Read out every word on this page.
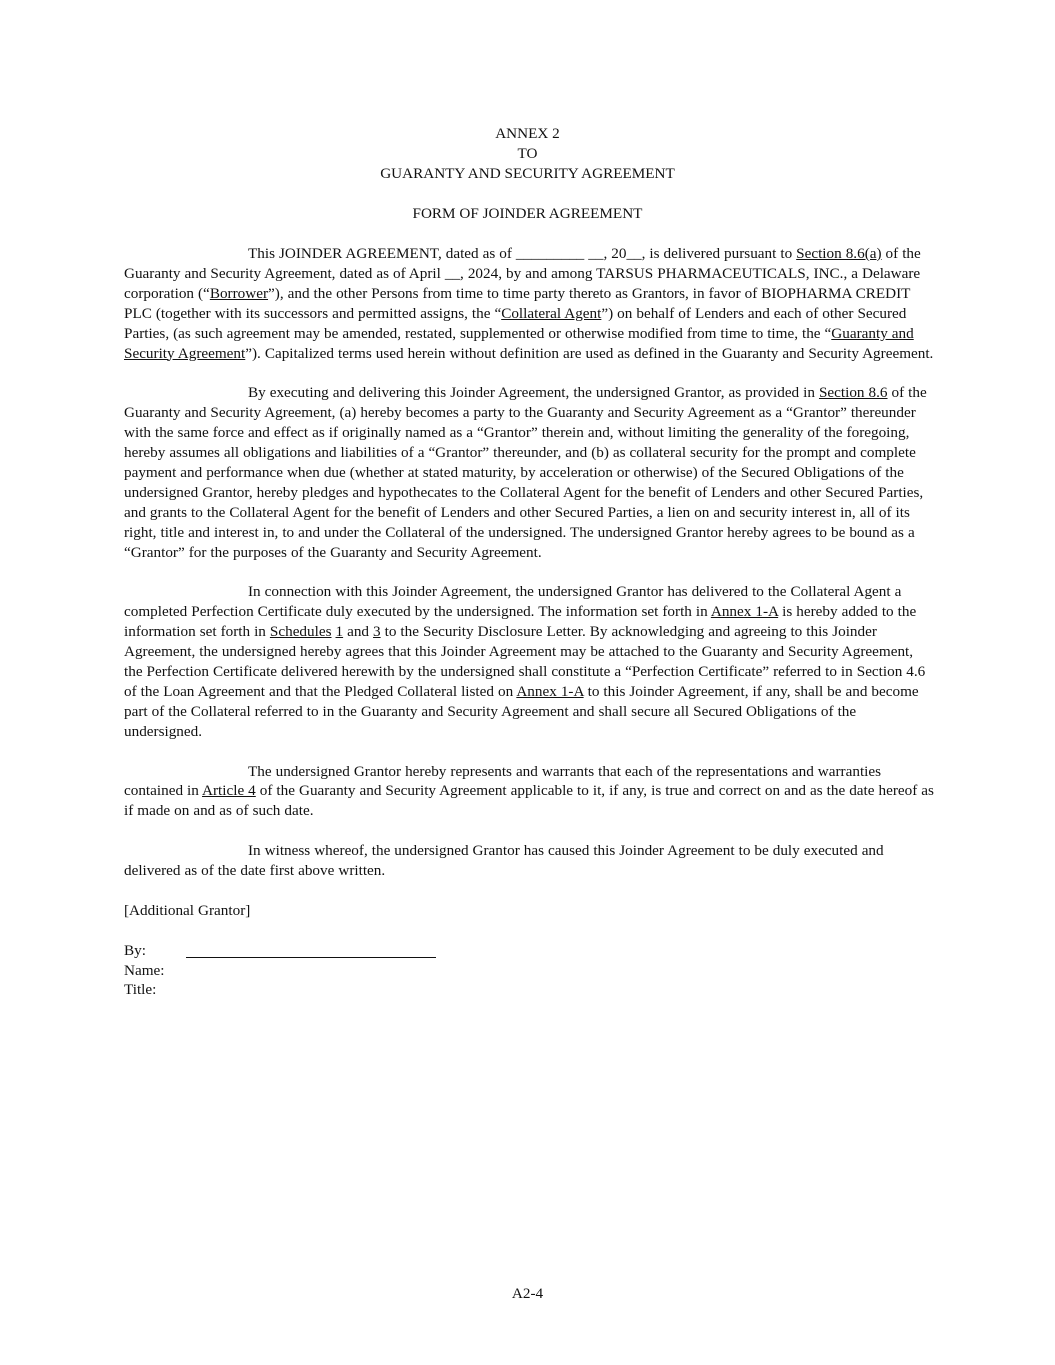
ANNEX 2
TO
GUARANTY AND SECURITY AGREEMENT
FORM OF JOINDER AGREEMENT

This JOINDER AGREEMENT, dated as of _________ __, 20__, is delivered pursuant to Section 8.6(a) of the Guaranty and Security Agreement, dated as of April __, 2024, by and among TARSUS PHARMACEUTICALS, INC., a Delaware corporation (“Borrower”), and the other Persons from time to time party thereto as Grantors, in favor of BIOPHARMA CREDIT PLC (together with its successors and permitted assigns, the “Collateral Agent”) on behalf of Lenders and each of other Secured Parties, (as such agreement may be amended, restated, supplemented or otherwise modified from time to time, the “Guaranty and Security Agreement”). Capitalized terms used herein without definition are used as defined in the Guaranty and Security Agreement.

By executing and delivering this Joinder Agreement, the undersigned Grantor, as provided in Section 8.6 of the Guaranty and Security Agreement, (a) hereby becomes a party to the Guaranty and Security Agreement as a “Grantor” thereunder with the same force and effect as if originally named as a “Grantor” therein and, without limiting the generality of the foregoing, hereby assumes all obligations and liabilities of a “Grantor” thereunder, and (b) as collateral security for the prompt and complete payment and performance when due (whether at stated maturity, by acceleration or otherwise) of the Secured Obligations of the undersigned Grantor, hereby pledges and hypothecates to the Collateral Agent for the benefit of Lenders and other Secured Parties, and grants to the Collateral Agent for the benefit of Lenders and other Secured Parties, a lien on and security interest in, all of its right, title and interest in, to and under the Collateral of the undersigned. The undersigned Grantor hereby agrees to be bound as a “Grantor” for the purposes of the Guaranty and Security Agreement.

In connection with this Joinder Agreement, the undersigned Grantor has delivered to the Collateral Agent a completed Perfection Certificate duly executed by the undersigned. The information set forth in Annex 1-A is hereby added to the information set forth in Schedules 1 and 3 to the Security Disclosure Letter. By acknowledging and agreeing to this Joinder Agreement, the undersigned hereby agrees that this Joinder Agreement may be attached to the Guaranty and Security Agreement, the Perfection Certificate delivered herewith by the undersigned shall constitute a “Perfection Certificate” referred to in Section 4.6 of the Loan Agreement and that the Pledged Collateral listed on Annex 1-A to this Joinder Agreement, if any, shall be and become part of the Collateral referred to in the Guaranty and Security Agreement and shall secure all Secured Obligations of the undersigned.

The undersigned Grantor hereby represents and warrants that each of the representations and warranties contained in Article 4 of the Guaranty and Security Agreement applicable to it, if any, is true and correct on and as the date hereof as if made on and as of such date.

In witness whereof, the undersigned Grantor has caused this Joinder Agreement to be duly executed and delivered as of the date first above written.

[Additional Grantor]

By:
Name:
Title:
A2-4
